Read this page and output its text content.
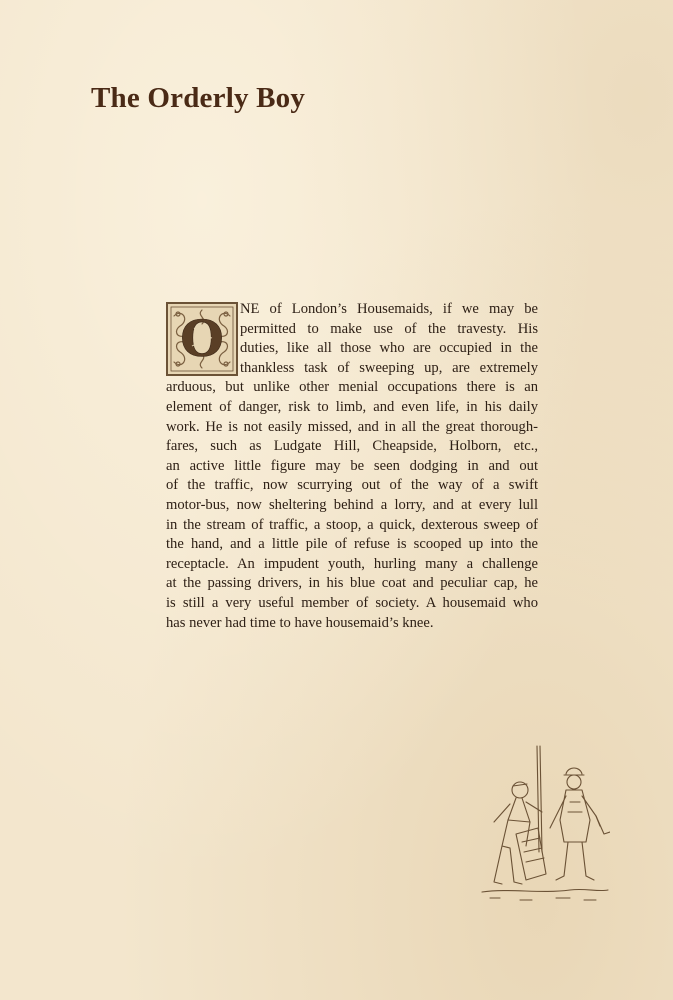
The Orderly Boy
O NE of London’s Housemaids, if we may be
permitted to make use of the travesty. His
duties, like all those who are occupied in the
thankless task of sweeping up, are extremely
arduous, but unlike other menial occupations there is an
element of danger, risk to limb, and even life, in his daily
work. He is not easily missed, and in all the great thorough-
fares, such as Ludgate Hill, Cheapside, Holborn, etc.,
an active little figure may be seen dodging in and out
of the traffic, now scurrying out of the way of a swift
motor-bus, now sheltering behind a lorry, and at every lull
in the stream of traffic, a stoop, a quick, dexterous sweep of
the hand, and a little pile of refuse is scooped up into the
receptacle. An impudent youth, hurling many a challenge
at the passing drivers, in his blue coat and peculiar cap, he
is still a very useful member of society. A housemaid who
has never had time to have housemaid’s knee.
